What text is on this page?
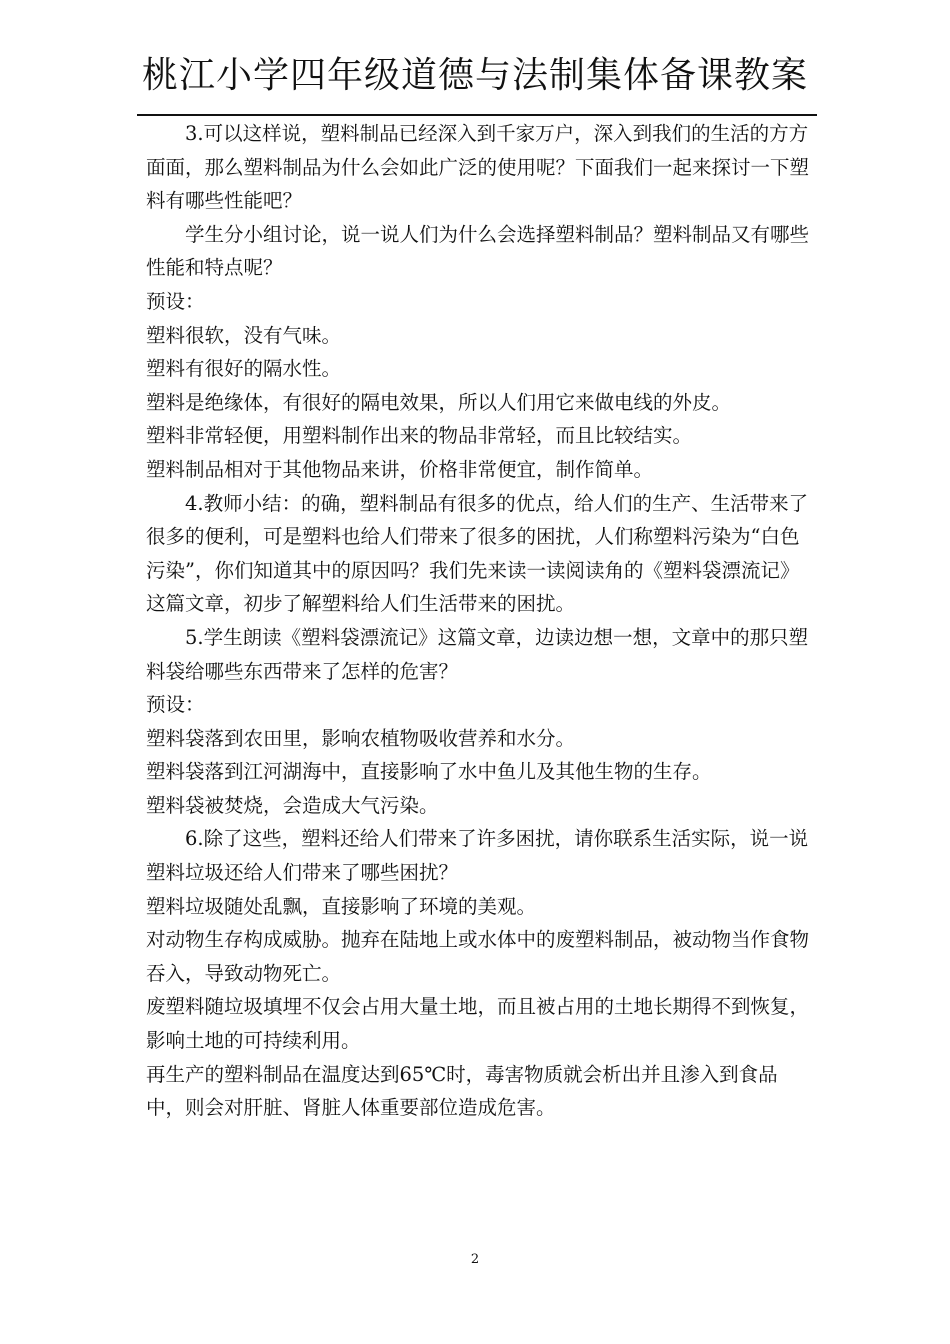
桃江小学四年级道德与法制集体备课教案

3.可以这样说，塑料制品已经深入到千家万户，深入到我们的生活的方方面面，那么塑料制品为什么会如此广泛的使用呢？下面我们一起来探讨一下塑料有哪些性能吧？

学生分小组讨论，说一说人们为什么会选择塑料制品？塑料制品又有哪些性能和特点呢？

预设：

塑料很软，没有气味。

塑料有很好的隔水性。

塑料是绝缘体，有很好的隔电效果，所以人们用它来做电线的外皮。

塑料非常轻便，用塑料制作出来的物品非常轻，而且比较结实。

塑料制品相对于其他物品来讲，价格非常便宜，制作简单。

4.教师小结：的确，塑料制品有很多的优点，给人们的生产、生活带来了很多的便利，可是塑料也给人们带来了很多的困扰，人们称塑料污染为“白色污染”，你们知道其中的原因吗？我们先来读一读阅读角的《塑料袋漂流记》这篇文章，初步了解塑料给人们生活带来的困扰。

5.学生朗读《塑料袋漂流记》这篇文章，边读边想一想，文章中的那只塑料袋给哪些东西带来了怎样的危害？

预设：

塑料袋落到农田里，影响农植物吸收营养和水分。

塑料袋落到江河湖海中，直接影响了水中鱼儿及其他生物的生存。

塑料袋被焚烧，会造成大气污染。

6.除了这些，塑料还给人们带来了许多困扰，请你联系生活实际，说一说塑料垃圾还给人们带来了哪些困扰？

塑料垃圾随处乱飘，直接影响了环境的美观。

对动物生存构成威胁。抛弃在陆地上或水体中的废塑料制品，被动物当作食物吞入，导致动物死亡。

废塑料随垃圾填埋不仅会占用大量土地，而且被占用的土地长期得不到恢复，影响土地的可持续利用。

再生产的塑料制品在温度达到65℃时，毒害物质就会析出并且渗入到食品中，则会对肝脏、肾脏人体重要部位造成危害。

2
